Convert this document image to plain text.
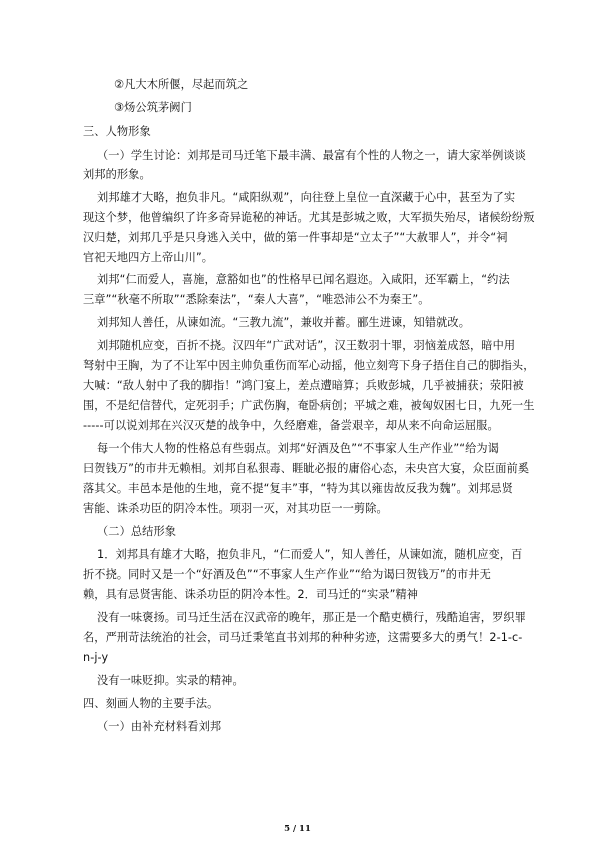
②凡大木所偃，尽起而筑之
③炀公筑茅阙门
三、人物形象
（一）学生讨论：刘邦是司马迁笔下最丰满、最富有个性的人物之一，请大家举例谈谈
刘邦的形象。
刘邦雄才大略，抱负非凡。“咸阳纵观”，向往登上皇位一直深藏于心中，甚至为了实
现这个梦，他曾编织了许多奇异诡秘的神话。尤其是彭城之败，大军损失殆尽，诸候纷纷叛
汉归楚，刘邦几乎是只身逃入关中，做的第一件事却是“立太子”“大赦罪人”，并令“祠
官祀天地四方上帝山川”。
刘邦“仁而爱人，喜施，意豁如也”的性格早已闻名遐迩。入咸阳，还军霸上，“约法
三章”“秋毫不所取”“悉除秦法”，“秦人大喜”，“唯恐沛公不为秦王”。
刘邦知人善任，从谏如流。“三教九流”，兼收并蓄。郦生进谏，知错就改。
刘邦随机应变，百折不挠。汉四年“广武对话”，汉王数羽十罪，羽恼羞成怒，暗中用
弩射中王胸，为了不让军中因主帅负重伤而军心动摇，他立刻弯下身子捂住自己的脚指头，
大喊：“敌人射中了我的脚指！”鸿门宴上，差点遭暗算；兵败彭城，几乎被捕获；荥阳被
围，不是纪信替代，定死羽手；广武伤胸，奄卧病创；平城之难，被匈奴困七日，九死一生
-----可以说刘邦在兴汉灭楚的战争中，久经磨难，备尝艰辛，却从来不向命运屈服。
每一个伟大人物的性格总有些弱点。刘邦“好酒及色”“不事家人生产作业”“给为谒
曰贺钱万”的市井无赖相。刘邦自私狠毒、睚眦必报的庸俗心态，未央宫大宴，众臣面前奚
落其父。丰邑本是他的生地，竟不提“复丰”事，“特为其以雍齿故反我为魏”。刘邦忌贤
害能、诛杀功臣的阴冷本性。项羽一灭，对其功臣一一剪除。
（二）总结形象
1．刘邦具有雄才大略，抱负非凡，“仁而爱人”，知人善任，从谏如流，随机应变，百
折不挠。同时又是一个“好酒及色”“不事家人生产作业”“给为谒曰贺钱万”的市井无
赖，具有忌贤害能、诛杀功臣的阴冷本性。2．司马迁的“实录”精神
没有一味褒扬。司马迁生活在汉武帝的晚年，那正是一个酷吏横行，残酷追害，罗织罪
名，严刑苛法统治的社会，司马迁秉笔直书刘邦的种种劣迹，这需要多大的勇气！2-1-c-
n-j-y
没有一味贬抑。实录的精神。
四、刻画人物的主要手法。
（一）由补充材料看刘邦
5 / 11
